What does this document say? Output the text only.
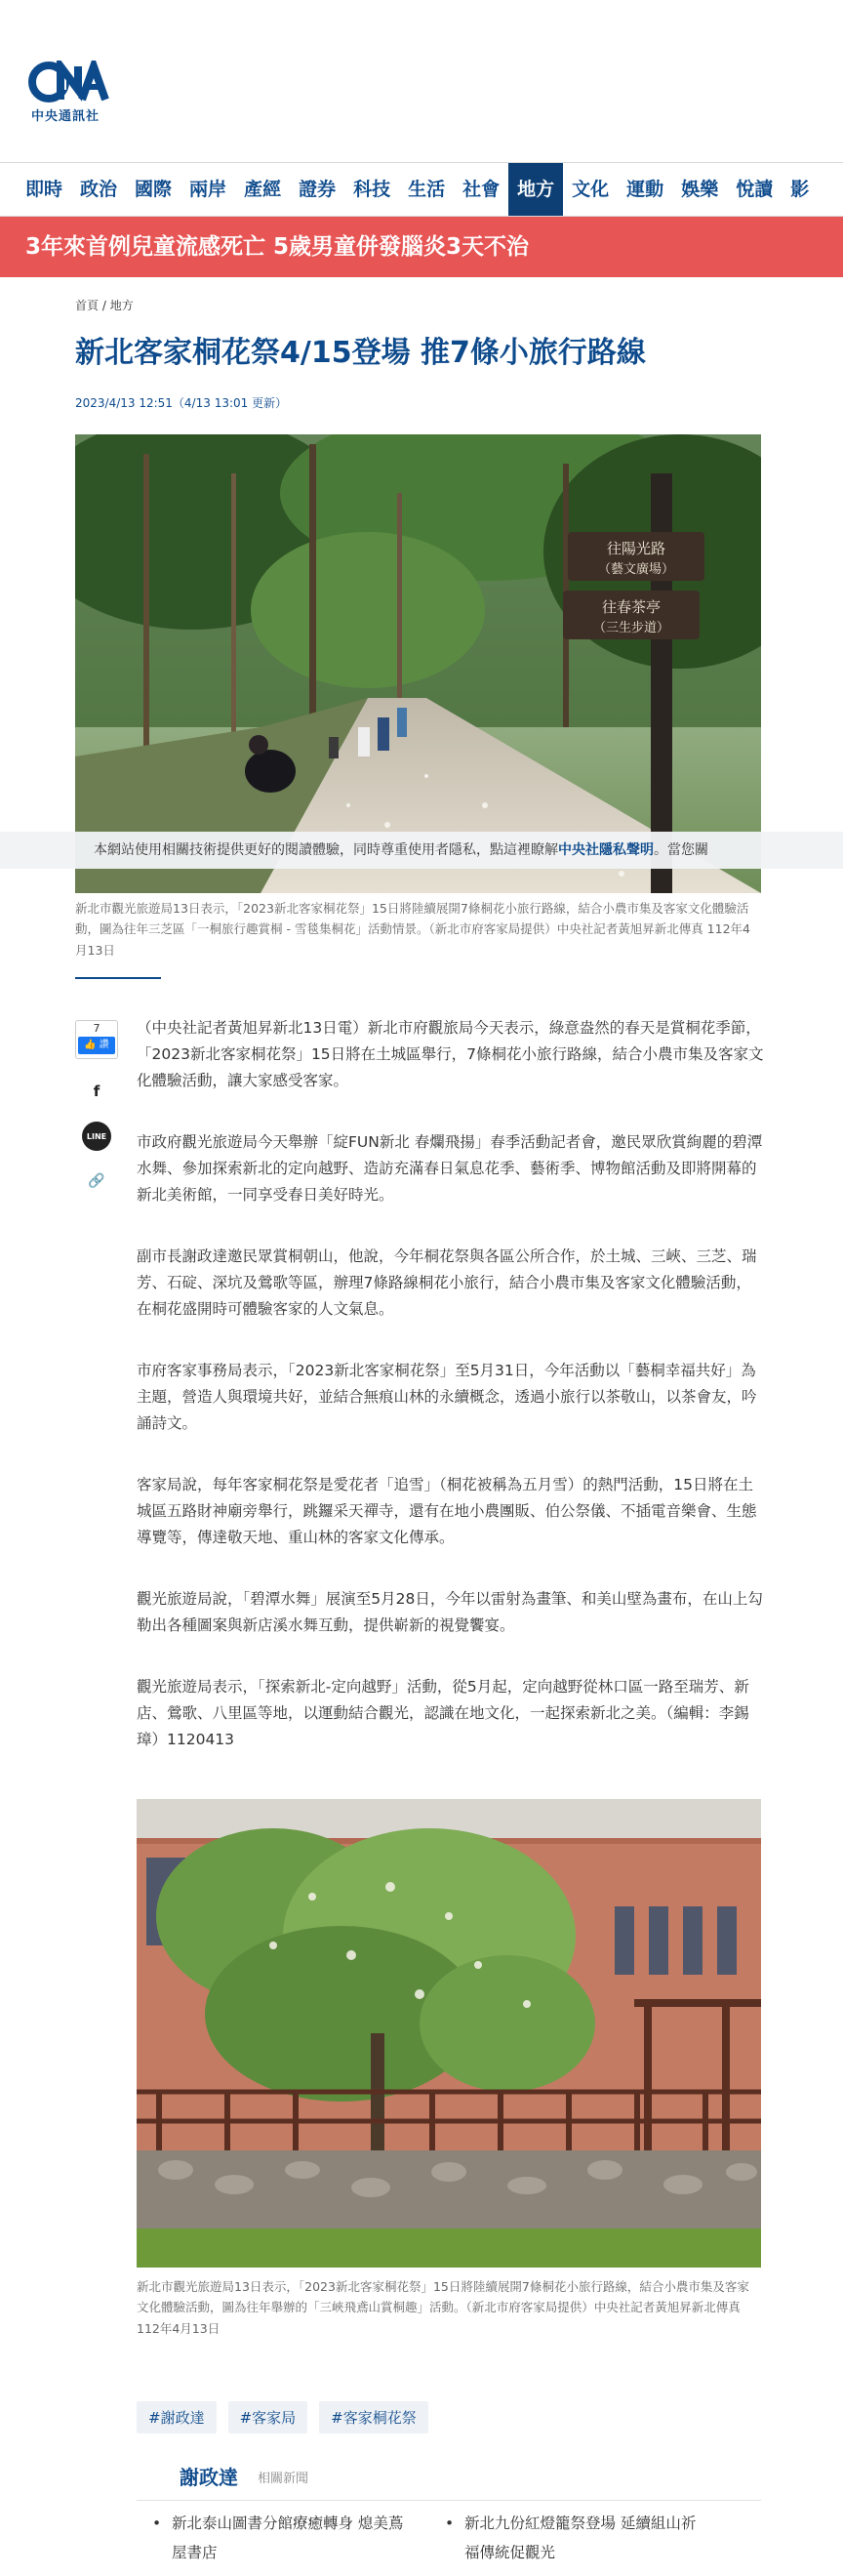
中央通訊社
即時 政治 國際 兩岸 產經 證券 科技 生活 社會 地方 文化 運動 娛樂 悅讀 影
3年來首例兒童流感死亡 5歲男童併發腦炎3天不治
首頁 / 地方
新北客家桐花祭4/15登場 推7條小旅行路線
2023/4/13 12:51（4/13 13:01 更新）
往陽光路
（藝文廣場）
往春茶亭
（三生步道）
本網站使用相關技術提供更好的閱讀體驗，同時尊重使用者隱私，點這裡瞭解中央社隱私聲明。當您關
新北市觀光旅遊局13日表示，「2023新北客家桐花祭」15日將陸續展開7條桐花小旅行路線，結合小農市集及客家文化體驗活動，圖為往年三芝區「一桐旅行趣賞桐 - 雪毯集桐花」活動情景。（新北市府客家局提供）中央社記者黃旭昇新北傳真 112年4月13日
7
👍 讚
f
LINE
🔗

（中央社記者黃旭昇新北13日電）新北市府觀旅局今天表示，綠意盎然的春天是賞桐花季節，「2023新北客家桐花祭」15日將在土城區舉行，7條桐花小旅行路線，結合小農市集及客家文化體驗活動，讓大家感受客家。

市政府觀光旅遊局今天舉辦「綻FUN新北 春爛飛揚」春季活動記者會，邀民眾欣賞絢麗的碧潭水舞、參加探索新北的定向越野、造訪充滿春日氣息花季、藝術季、博物館活動及即將開幕的新北美術館，一同享受春日美好時光。

副市長謝政達邀民眾賞桐朝山，他說，今年桐花祭與各區公所合作，於土城、三峽、三芝、瑞芳、石碇、深坑及鶯歌等區，辦理7條路線桐花小旅行，結合小農市集及客家文化體驗活動，在桐花盛開時可體驗客家的人文氣息。

市府客家事務局表示，「2023新北客家桐花祭」至5月31日，今年活動以「藝桐幸福共好」為主題，營造人與環境共好，並結合無痕山林的永續概念，透過小旅行以茶敬山，以茶會友，吟誦詩文。

客家局說，每年客家桐花祭是愛花者「追雪」（桐花被稱為五月雪）的熱門活動，15日將在土城區五路財神廟旁舉行，跳鑼采天禪寺，還有在地小農團販、伯公祭儀、不插電音樂會、生態導覽等，傳達敬天地、重山林的客家文化傳承。

觀光旅遊局說，「碧潭水舞」展演至5月28日，今年以雷射為畫筆、和美山壁為畫布，在山上勾勒出各種圖案與新店溪水舞互動，提供嶄新的視覺饗宴。

觀光旅遊局表示，「探索新北-定向越野」活動，從5月起，定向越野從林口區一路至瑞芳、新店、鶯歌、八里區等地，以運動結合觀光，認識在地文化，一起探索新北之美。（編輯：李錫璋）1120413

新北市觀光旅遊局13日表示，「2023新北客家桐花祭」15日將陸續展開7條桐花小旅行路線，結合小農市集及客家文化體驗活動，圖為往年舉辦的「三峽飛鳶山賞桐趣」活動。（新北市府客家局提供）中央社記者黃旭昇新北傳真 112年4月13日
#謝政達 #客家局 #客家桐花祭
謝政達 相關新聞
• 新北泰山圖書分館療癒轉身 熄美蔦屋書店
• 新北九份紅燈籠祭登場 延續組山祈福傳統促觀光
